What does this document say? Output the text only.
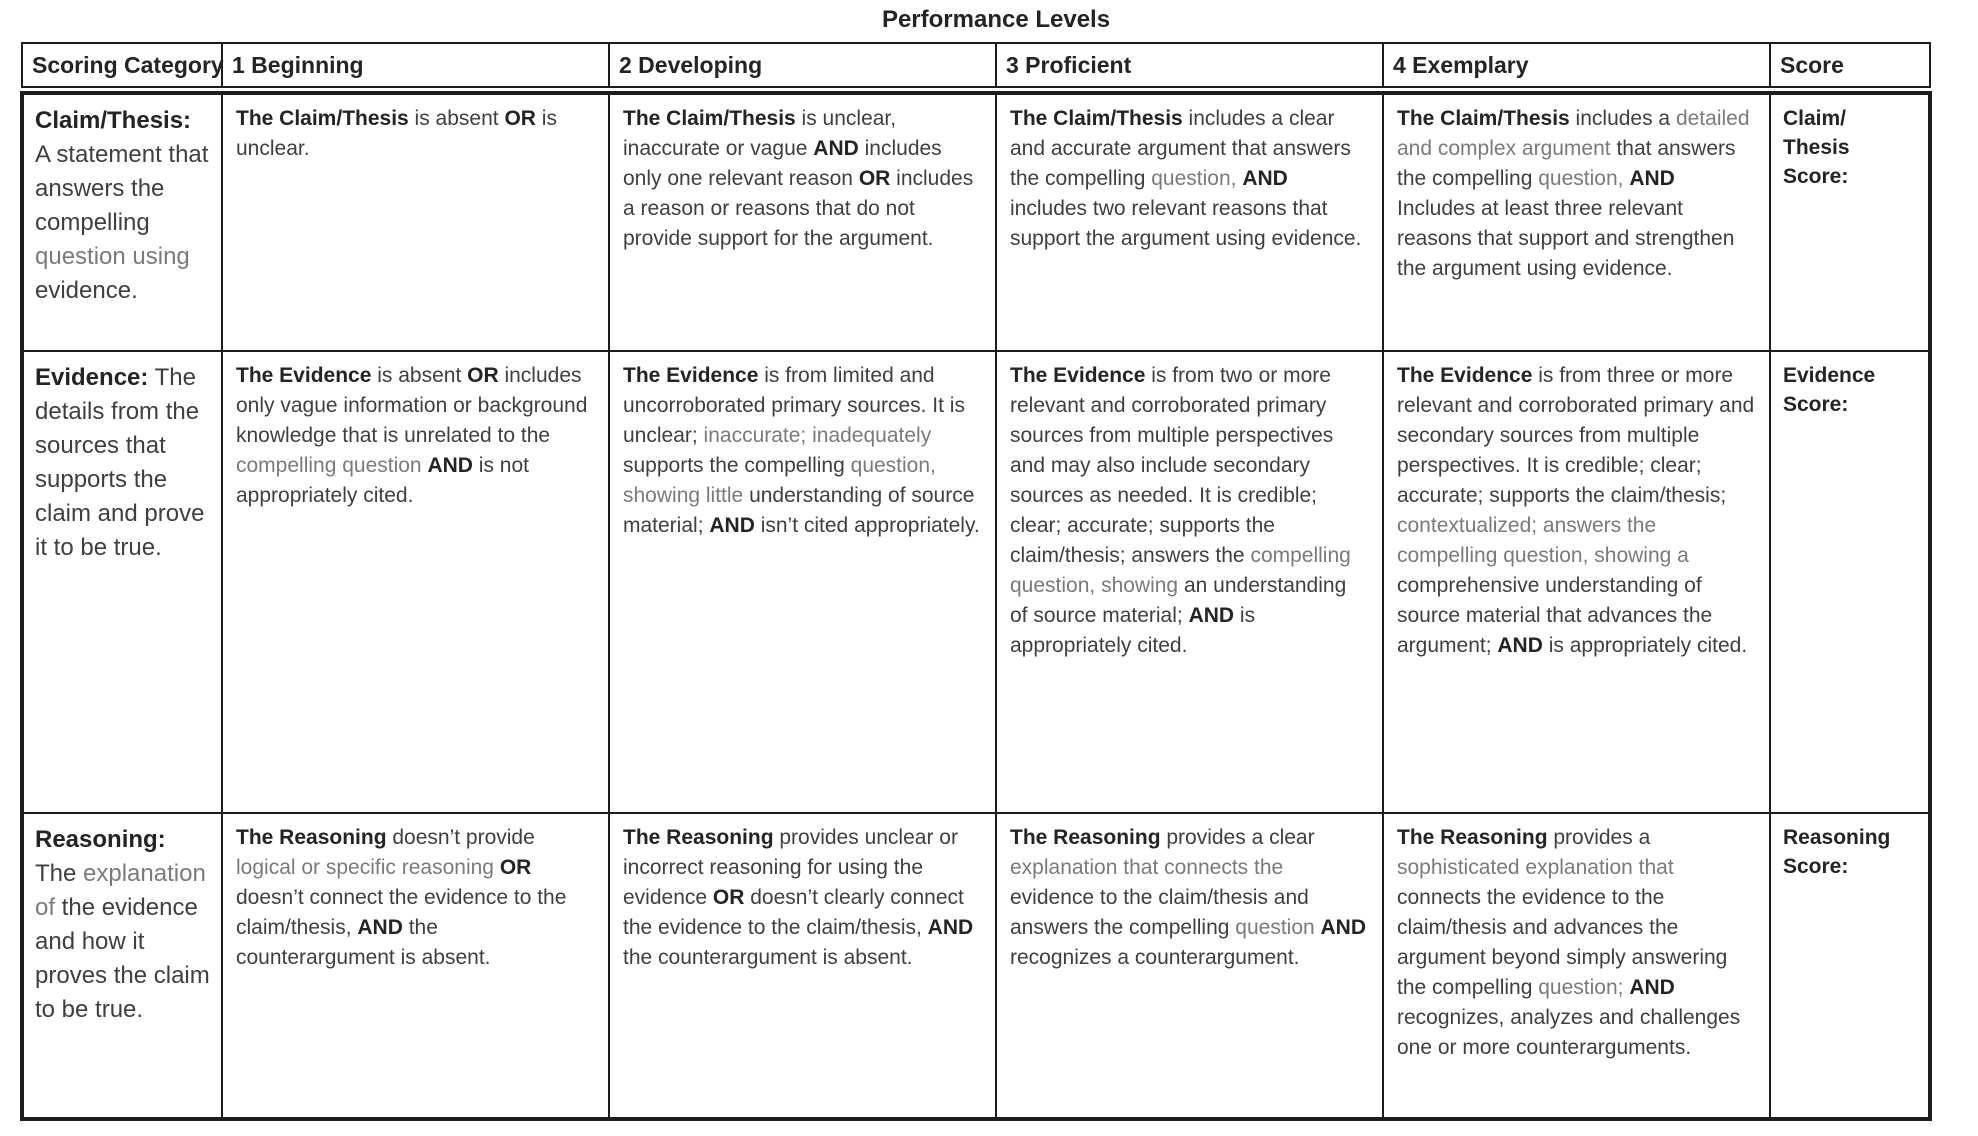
	Performance Levels				
Scoring Category	1 Beginning	2 Developing	3 Proficient	4 Exemplary	Score

Claim/Thesis: A statement that answers the compelling question using evidence.	The Claim/Thesis is absent OR is unclear.	The Claim/Thesis is unclear, inaccurate or vague AND includes only one relevant reason OR includes a reason or reasons that do not provide support for the argument.	The Claim/Thesis includes a clear and accurate argument that answers the compelling question, AND includes two relevant reasons that support the argument using evidence.	The Claim/Thesis includes a detailed and complex argument that answers the compelling question, AND Includes at least three relevant reasons that support and strengthen the argument using evidence.	Claim/
Thesis
Score:
Evidence: The details from the sources that supports the claim and prove it to be true.	The Evidence is absent OR includes only vague information or background knowledge that is unrelated to the compelling question AND is not appropriately cited.	The Evidence is from limited and uncorroborated primary sources. It is unclear; inaccurate; inadequately supports the compelling question, showing little understanding of source material; AND isn’t cited appropriately.	The Evidence is from two or more relevant and corroborated primary sources from multiple perspectives and may also include secondary sources as needed. It is credible; clear; accurate; supports the claim/thesis; answers the compelling question, showing an understanding of source material; AND is appropriately cited.	The Evidence is from three or more relevant and corroborated primary and secondary sources from multiple perspectives. It is credible; clear; accurate; supports the claim/thesis; contextualized; answers the compelling question, showing a comprehensive understanding of source material that advances the argument; AND is appropriately cited.	Evidence
Score:
Reasoning: The explanation of the evidence and how it proves the claim to be true.	The Reasoning doesn’t provide logical or specific reasoning OR doesn’t connect the evidence to the claim/thesis, AND the counterargument is absent.	The Reasoning provides unclear or incorrect reasoning for using the evidence OR doesn’t clearly connect the evidence to the claim/thesis, AND the counterargument is absent.	The Reasoning provides a clear explanation that connects the evidence to the claim/thesis and answers the compelling question AND recognizes a counterargument.	The Reasoning provides a sophisticated explanation that connects the evidence to the claim/thesis and advances the argument beyond simply answering the compelling question; AND recognizes, analyzes and challenges one or more counterarguments.	Reasoning
Score:
